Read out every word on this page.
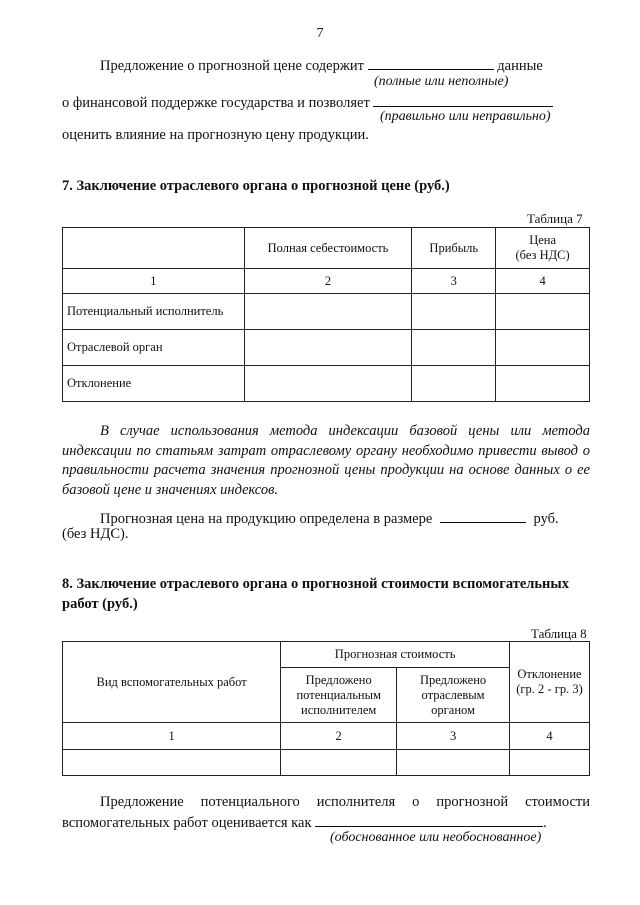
7
Предложение о прогнозной цене содержит	данные
(полные или неполные)
о финансовой поддержке государства и позволяет
(правильно или неправильно)
оценить влияние на прогнозную цену продукции.
7. Заключение отраслевого органа о прогнозной цене (руб.)
Таблица 7
	Полная себестоимость	Прибыль	Цена
(без НДС)

1	2	3	4
Потенциальный исполнитель			
Отраслевой орган			
Отклонение			
В случае использования метода индексации базовой цены или метода индексации по статьям затрат отраслевому органу необходимо привести вывод о правильности расчета значения прогнозной цены продукции на основе данных о ее базовой цене и значениях индексов.
Прогнозная цена на продукцию определена в размере	руб.
(без НДС).
8. Заключение отраслевого органа о прогнозной стоимости вспомогательных
работ (руб.)
Таблица 8
Вид вспомогательных работ	Прогнозная стоимость		Отклонение (гр. 2 - гр. 3)
	Предложено потенциальным исполнителем	Предложено отраслевым органом	
1	2	3	4

Предложение потенциального исполнителя о прогнозной стоимости
вспомогательных работ оценивается как	.
(обоснованное или необоснованное)
